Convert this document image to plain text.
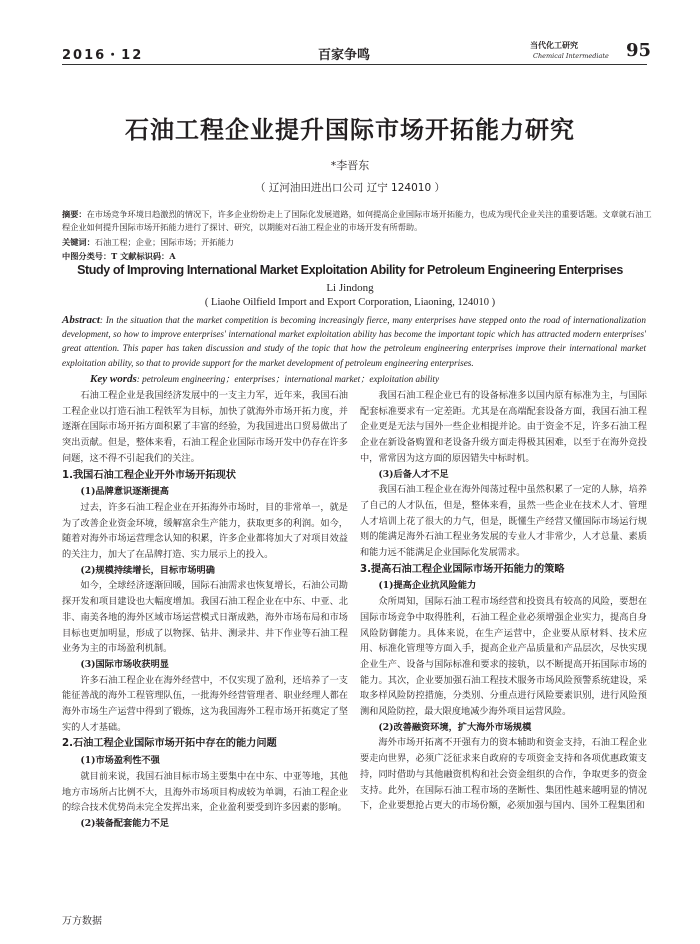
2016・12	百家争鸣
当代化工研究
Chemical Intermediate 95
石油工程企业提升国际市场开拓能力研究
*李晋东
（ 辽河油田进出口公司 辽宁 124010 ）
摘要：在市场竞争环境日趋激烈的情况下，许多企业纷纷走上了国际化发展道路，如何提高企业国际市场开拓能力，也成为现代企业关注的重要话题。文章就石油工程企业如何提升国际市场开拓能力进行了探讨、研究，以期能对石油工程企业的市场开发有所帮助。
关键词：石油工程；企业；国际市场；开拓能力
中图分类号：T 文献标识码：A
Study of Improving International Market Exploitation Ability for Petroleum Engineering Enterprises
Li Jindong
( Liaohe Oilfield Import and Export Corporation, Liaoning, 124010 )
Abstract: In the situation that the market competition is becoming increasingly fierce, many enterprises have stepped onto the road of internationalization development, so how to improve enterprises' international market exploitation ability has become the important topic which has attracted modern enterprises' great attention. This paper has taken discussion and study of the topic that how the petroleum engineering enterprises improve their international market exploitation ability, so that to provide support for the market development of petroleum engineering enterprises.
Key words: petroleum engineering；enterprises；international market；exploitation ability

石油工程企业是我国经济发展中的一支主力军，近年来，我国石油工程企业以打造石油工程铁军为目标，加快了就海外市场开拓力度，并逐渐在国际市场开拓方面积累了丰富的经验，为我国进出口贸易做出了突出贡献。但是，整体来看，石油工程企业国际市场开发中仍存在许多问题，这不得不引起我们的关注。

1.我国石油工程企业开外市场开拓现状

(1)品牌意识逐渐提高

过去，许多石油工程企业在开拓海外市场时，目的非常单一，就是为了改善企业资金环境，缓解富余生产能力，获取更多的利润。如今，随着对海外市场运营理念认知的积累，许多企业都将加大了对项目效益的关注力，加大了在品牌打造、实力展示上的投入。

(2)规模持续增长，目标市场明确

如今，全球经济逐渐回暖，国际石油需求也恢复增长，石油公司勘探开发和项目建设也大幅度增加。我国石油工程企业在中东、中亚、北非、南美各地的海外区域市场运营模式日渐成熟，海外市场布局和市场目标也更加明显，形成了以物探、钻井、测录井、井下作业等石油工程业务为主的市场盈利机制。

(3)国际市场收获明显

许多石油工程企业在海外经营中，不仅实现了盈利，还培养了一支能征善战的海外工程管理队伍，一批海外经营管理者、职业经理人都在海外市场生产运营中得到了锻炼，这为我国海外工程市场开拓奠定了坚实的人才基础。

2.石油工程企业国际市场开拓中存在的能力问题

(1)市场盈利性不强

就目前来说，我国石油目标市场主要集中在中东、中亚等地，其他地方市场所占比例不大，且海外市场项目构成较为单调，石油工程企业的综合技术优势尚未完全发挥出来，企业盈利要受到许多因素的影响。

(2)装备配套能力不足

我国石油工程企业已有的设备标准多以国内原有标准为主，与国际配套标准要求有一定差距。尤其是在高端配套设备方面，我国石油工程企业更是无法与国外一些企业相提并论。由于资金不足，许多石油工程企业在新设备购置和老设备升级方面走得极其困难，以至于在海外竞投中，常常因为这方面的原因错失中标时机。

(3)后备人才不足

我国石油工程企业在海外闯荡过程中虽然积累了一定的人脉，培养了自己的人才队伍，但是，整体来看，虽然一些企业在技术人才、管理人才培训上花了很大的力气，但是，既懂生产经营又懂国际市场运行规则的能满足海外石油工程业务发展的专业人才非常少，人才总量、素质和能力远不能满足企业国际化发展需求。

3.提高石油工程企业国际市场开拓能力的策略

(1)提高企业抗风险能力

众所周知，国际石油工程市场经营和投资具有较高的风险，要想在国际市场竞争中取得胜利，石油工程企业必须增强企业实力，提高自身风险防御能力。具体来说，在生产运营中，企业要从原材料、技术应用、标准化管理等方面入手，提高企业产品质量和产品层次，尽快实现企业生产、设备与国际标准和要求的接轨，以不断提高开拓国际市场的能力。其次，企业要加强石油工程技术服务市场风险预警系统建设，采取多样风险防控措施，分类别、分重点进行风险要素识别，进行风险预测和风险防控，最大限度地减少海外项目运营风险。

(2)改善融资环境，扩大海外市场规模

海外市场开拓离不开强有力的资本辅助和资金支持，石油工程企业要走向世界，必须广泛征求来自政府的专项资金支持和各项优惠政策支持，同时借助与其他融资机构和社会资金组织的合作，争取更多的资金支持。此外，在国际石油工程市场的垄断性、集团性越来越明显的情况下，企业要想抢占更大的市场份额，必须加强与国内、国外工程集团和

万方数据
